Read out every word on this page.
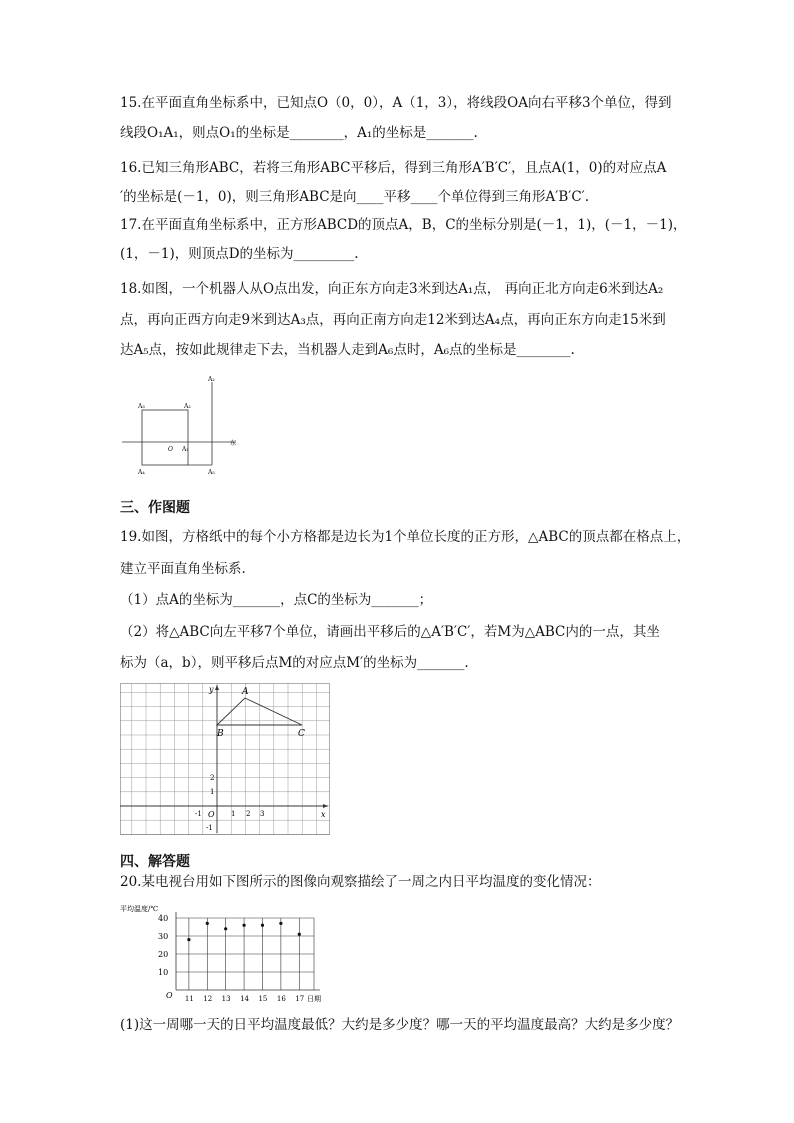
15.在平面直角坐标系中，已知点O（0，0），A（1，3），将线段OA向右平移3个单位，得到
线段O₁A₁，则点O₁的坐标是________，A₁的坐标是_______.
16.已知三角形ABC，若将三角形ABC平移后，得到三角形A′B′C′，且点A(1，0)的对应点A
′的坐标是(－1，0)，则三角形ABC是向____平移____个单位得到三角形A′B′C′.
17.在平面直角坐标系中，正方形ABCD的顶点A，B，C的坐标分别是(－1，1)，(－1，－1)，
(1，－1)，则顶点D的坐标为_________.
18.如图，一个机器人从O点出发，向正东方向走3米到达A₁点， 再向正北方向走6米到达A₂
点，再向正西方向走9米到达A₃点，再向正南方向走12米到达A₄点，再向正东方向走15米到
达A₅点，按如此规律走下去，当机器人走到A₆点时，A₆点的坐标是________.
A₂
A₃	A₂
O A₁
A₄	A₅
东
三、作图题
19.如图，方格纸中的每个小方格都是边长为1个单位长度的正方形，△ABC的顶点都在格点上，
建立平面直角坐标系.
（1）点A的坐标为_______，点C的坐标为_______；
（2）将△ABC向左平移7个单位，请画出平移后的△A′B′C′，若M为△ABC内的一点，其坐
标为（a，b），则平移后点M的对应点M′的坐标为_______.
A
B	C
y
x
O 1 2 3
-1
1
2
-1
四、解答题
20.某电视台用如下图所示的图像向观察描绘了一周之内日平均温度的变化情况：
平均温度/℃
日期
O
10
20
30
40
11 12 13 14 15 16 17
(1)这一周哪一天的日平均温度最低？大约是多少度？哪一天的平均温度最高？大约是多少度？
